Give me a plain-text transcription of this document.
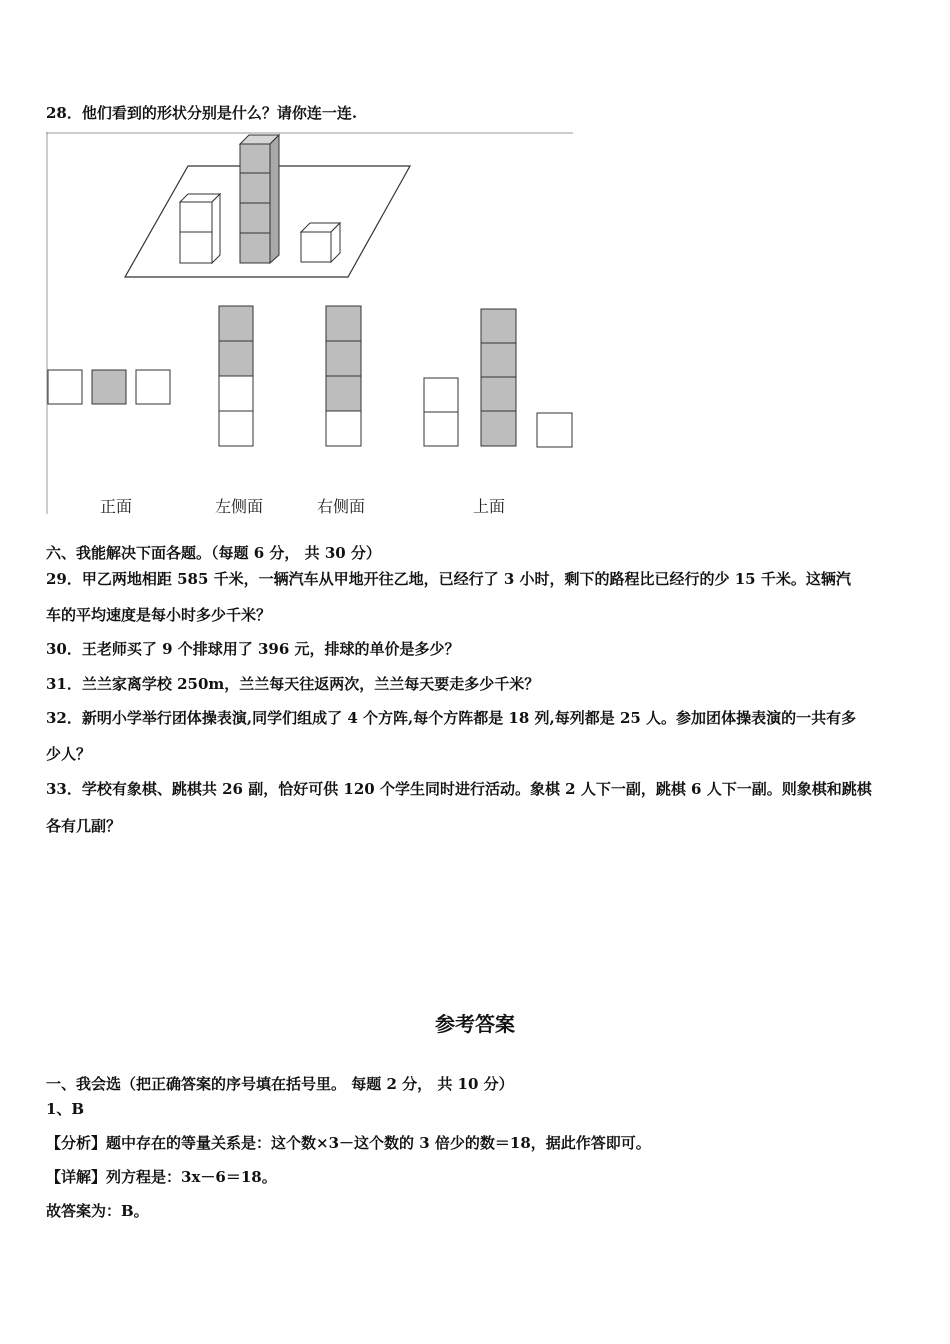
28．他们看到的形状分别是什么？请你连一连.
正面	左侧面	右侧面	上面
六、我能解决下面各题。（每题 6 分， 共 30 分）
29．甲乙两地相距 585 千米，一辆汽车从甲地开往乙地，已经行了 3 小时，剩下的路程比已经行的少 15 千米。这辆汽
车的平均速度是每小时多少千米？
30．王老师买了 9 个排球用了 396 元，排球的单价是多少？
31．兰兰家离学校 250m，兰兰每天往返两次，兰兰每天要走多少千米？
32．新明小学举行团体操表演,同学们组成了 4 个方阵,每个方阵都是 18 列,每列都是 25 人。参加团体操表演的一共有多
少人？
33．学校有象棋、跳棋共 26 副，恰好可供 120 个学生同时进行活动。象棋 2 人下一副，跳棋 6 人下一副。则象棋和跳棋
各有几副？
参考答案
一、我会选（把正确答案的序号填在括号里。 每题 2 分， 共 10 分）
1、B
【分析】题中存在的等量关系是：这个数×3－这个数的 3 倍少的数＝18，据此作答即可。
【详解】列方程是：3x－6＝18。
故答案为：B。
